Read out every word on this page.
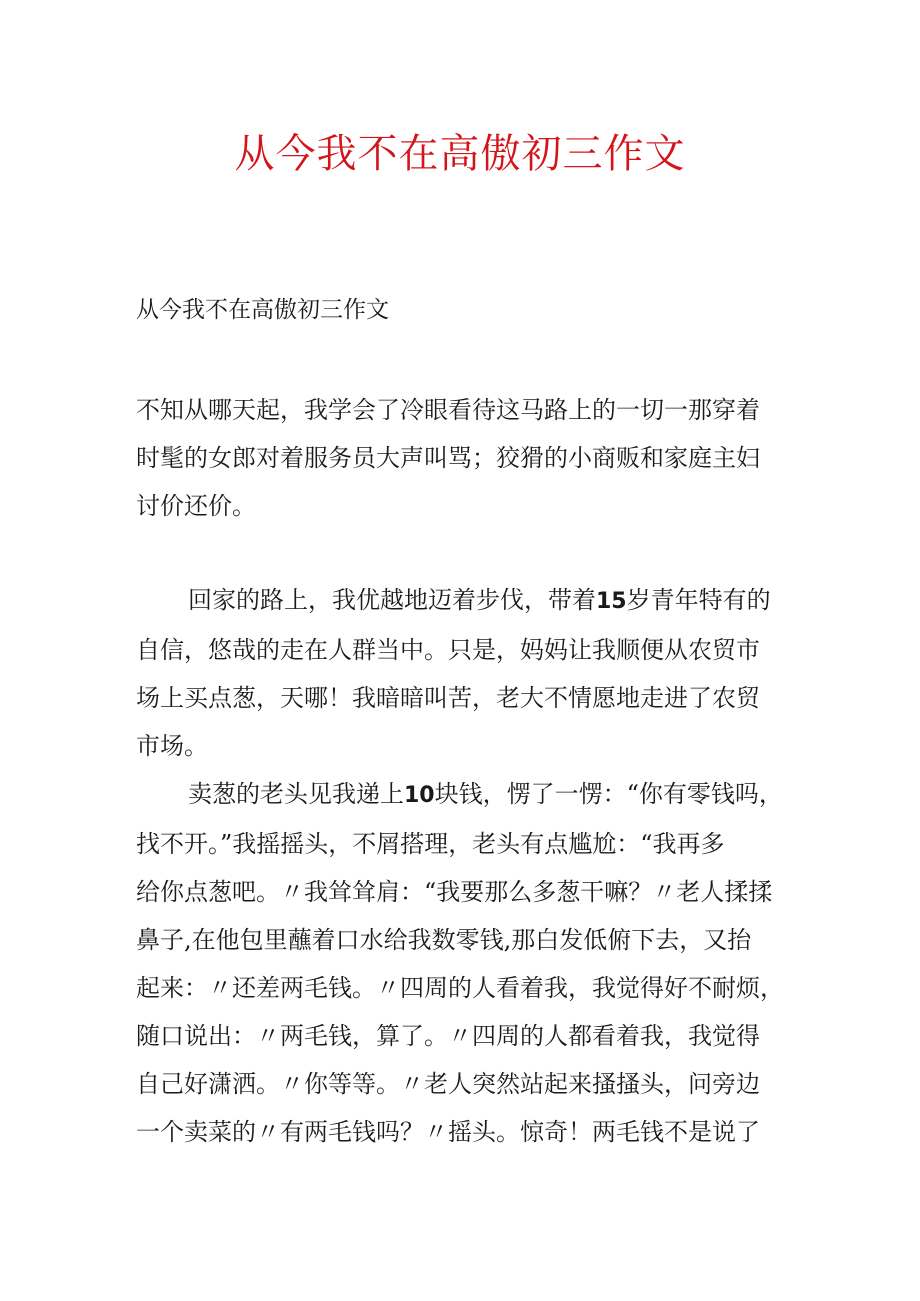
从今我不在高傲初三作文

从今我不在高傲初三作文

不知从哪天起，我学会了冷眼看待这马路上的一切一那穿着
时髦的女郎对着服务员大声叫骂；狡猾的小商贩和家庭主妇
讨价还价。
回家的路上，我优越地迈着步伐，带着15岁青年特有的
自信，悠哉的走在人群当中。只是，妈妈让我顺便从农贸市
场上买点葱，天哪！我暗暗叫苦，老大不情愿地走进了农贸
市场。
卖葱的老头见我递上10块钱，愣了一愣：“你有零钱吗，
找不开。”我摇摇头，不屑搭理，老头有点尴尬：“我再多
给你点葱吧。〃我耸耸肩：“我要那么多葱干嘛？〃老人揉揉
鼻子,在他包里蘸着口水给我数零钱,那白发低俯下去，又抬
起来：〃还差两毛钱。〃四周的人看着我，我觉得好不耐烦，
随口说出：〃两毛钱，算了。〃四周的人都看着我，我觉得
自己好潇洒。〃你等等。〃老人突然站起来搔搔头，问旁边
一个卖菜的〃有两毛钱吗？〃摇头。惊奇！两毛钱不是说了
